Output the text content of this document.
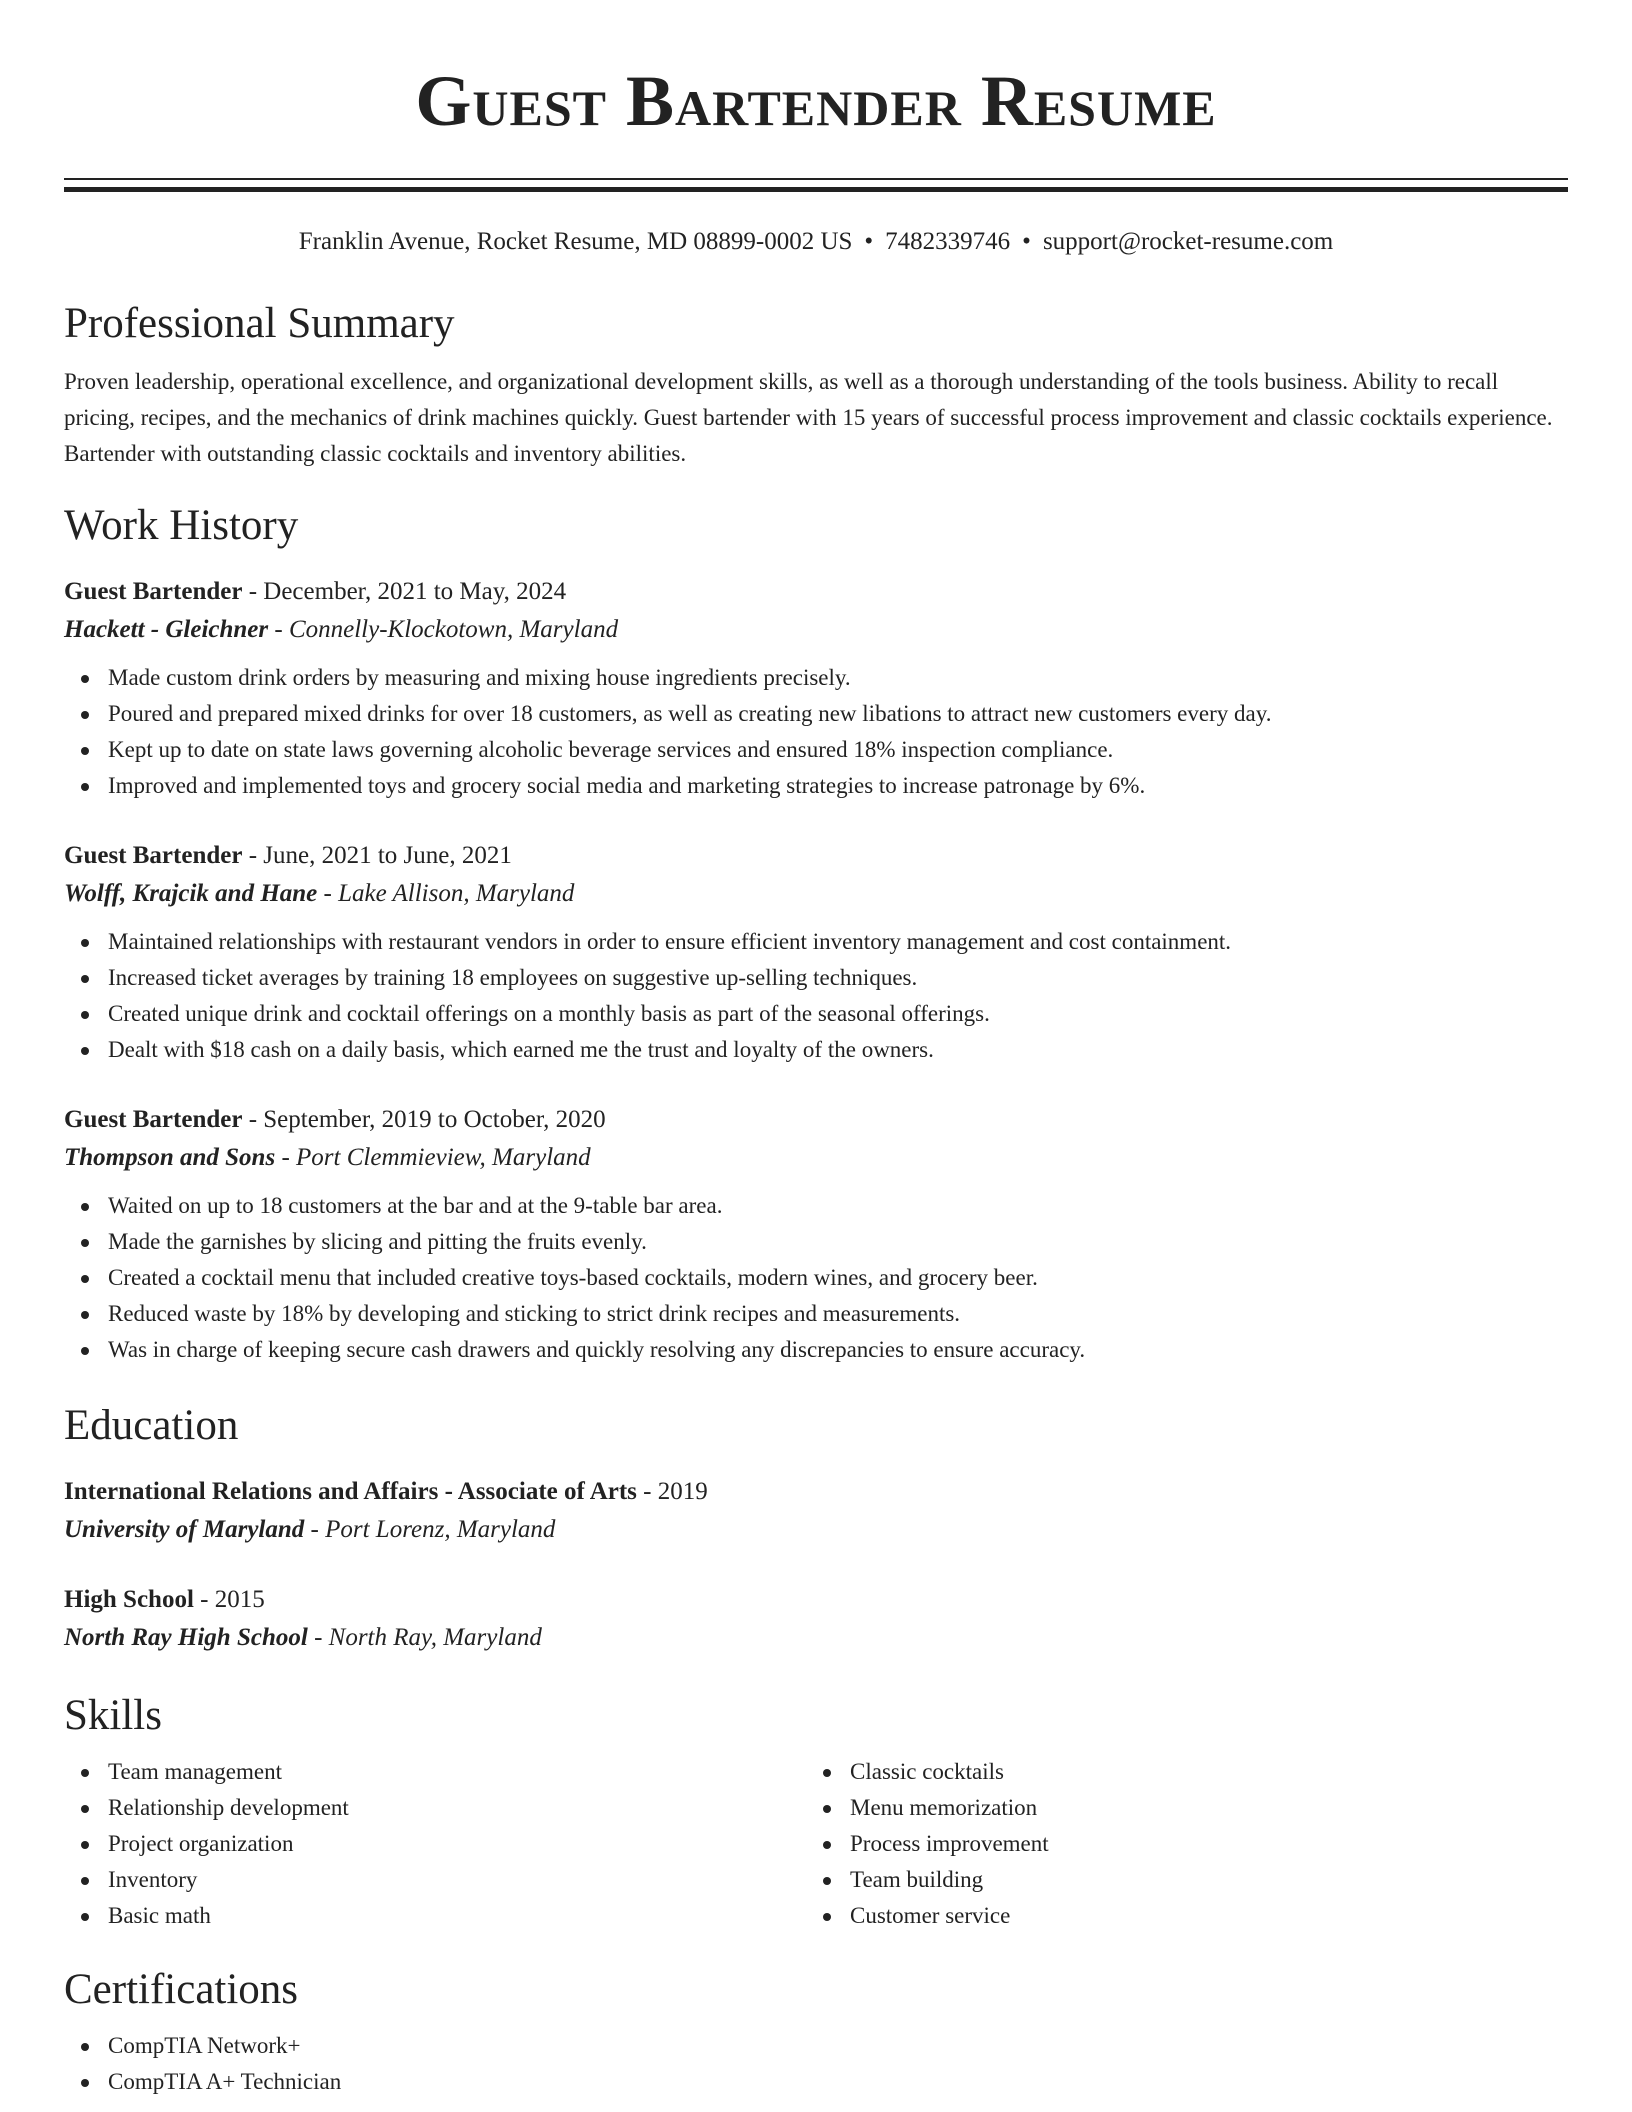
Guest Bartender Resume
Franklin Avenue, Rocket Resume, MD 08899-0002 US • 7482339746 • support@rocket-resume.com
Professional Summary
Proven leadership, operational excellence, and organizational development skills, as well as a thorough understanding of the tools business. Ability to recall pricing, recipes, and the mechanics of drink machines quickly. Guest bartender with 15 years of successful process improvement and classic cocktails experience. Bartender with outstanding classic cocktails and inventory abilities.
Work History
Guest Bartender - December, 2021 to May, 2024
Hackett - Gleichner - Connelly-Klockotown, Maryland
Made custom drink orders by measuring and mixing house ingredients precisely.
Poured and prepared mixed drinks for over 18 customers, as well as creating new libations to attract new customers every day.
Kept up to date on state laws governing alcoholic beverage services and ensured 18% inspection compliance.
Improved and implemented toys and grocery social media and marketing strategies to increase patronage by 6%.
Guest Bartender - June, 2021 to June, 2021
Wolff, Krajcik and Hane - Lake Allison, Maryland
Maintained relationships with restaurant vendors in order to ensure efficient inventory management and cost containment.
Increased ticket averages by training 18 employees on suggestive up-selling techniques.
Created unique drink and cocktail offerings on a monthly basis as part of the seasonal offerings.
Dealt with $18 cash on a daily basis, which earned me the trust and loyalty of the owners.
Guest Bartender - September, 2019 to October, 2020
Thompson and Sons - Port Clemmieview, Maryland
Waited on up to 18 customers at the bar and at the 9-table bar area.
Made the garnishes by slicing and pitting the fruits evenly.
Created a cocktail menu that included creative toys-based cocktails, modern wines, and grocery beer.
Reduced waste by 18% by developing and sticking to strict drink recipes and measurements.
Was in charge of keeping secure cash drawers and quickly resolving any discrepancies to ensure accuracy.
Education
International Relations and Affairs - Associate of Arts - 2019
University of Maryland - Port Lorenz, Maryland
High School - 2015
North Ray High School - North Ray, Maryland
Skills
Team management
Relationship development
Project organization
Inventory
Basic math
Classic cocktails
Menu memorization
Process improvement
Team building
Customer service
Certifications
CompTIA Network+
CompTIA A+ Technician
